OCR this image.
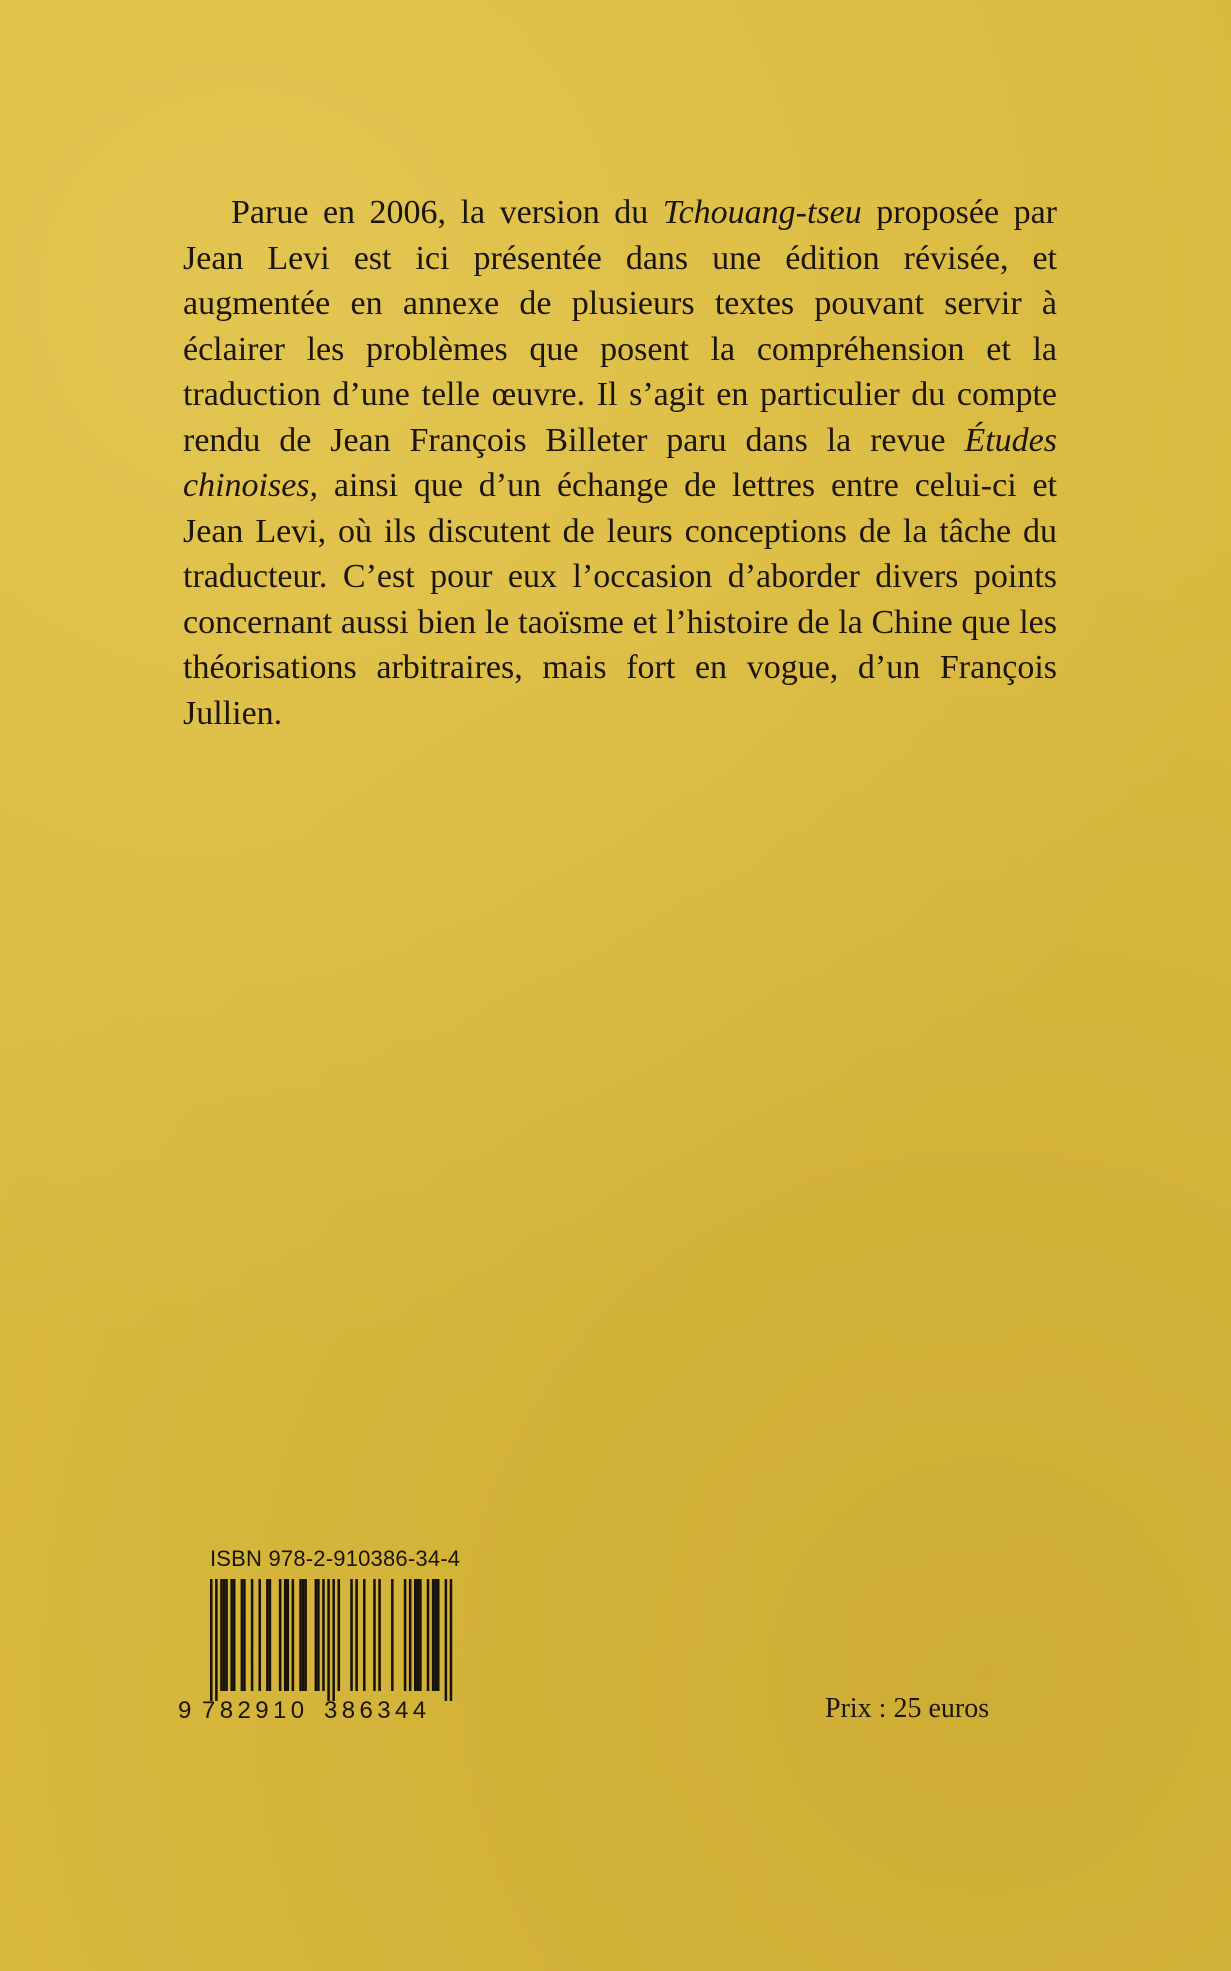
Parue en 2006, la version du Tchouang-tseu proposée par Jean Levi est ici présentée dans une édition révisée, et augmentée en annexe de plusieurs textes pouvant servir à éclairer les problèmes que posent la compréhension et la traduction d’une telle œuvre. Il s’agit en particulier du compte rendu de Jean François Billeter paru dans la revue Études chinoises, ainsi que d’un échange de lettres entre celui-ci et Jean Levi, où ils discutent de leurs conceptions de la tâche du traducteur. C’est pour eux l’occasion d’aborder divers points concernant aussi bien le taoïsme et l’histoire de la Chine que les théorisations arbitraires, mais fort en vogue, d’un François Jullien.

ISBN 978-2-910386-34-4
9 782910 386344	Prix : 25 euros
